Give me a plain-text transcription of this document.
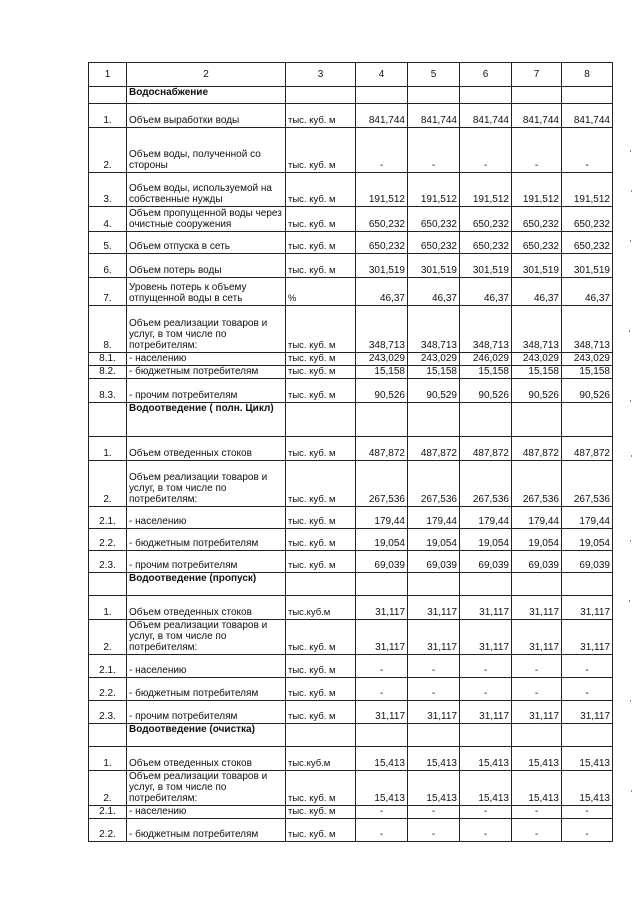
1	2	3	4	5	6	7	8
	Водоснабжение						
1.	Объем выработки воды	тыс. куб. м	841,744	841,744	841,744	841,744	841,744
2.	Объем воды, полученной со стороны	тыс. куб. м	-	-	-	-	-
3.	Объем воды, используемой на собственные нужды	тыс. куб. м	191,512	191,512	191,512	191,512	191,512
4.	Объем пропущенной воды через очистные сооружения	тыс. куб. м	650,232	650,232	650,232	650,232	650,232
5.	Объем отпуска в сеть	тыс. куб. м	650,232	650,232	650,232	650,232	650,232
6.	Объем потерь воды	тыс. куб. м	301,519	301,519	301,519	301,519	301,519
7.	Уровень потерь к объему отпущенной воды в сеть	%	46,37	46,37	46,37	46,37	46,37
8.	Объем реализации товаров и услуг, в том числе по потребителям:	тыс. куб. м	348,713	348,713	348,713	348,713	348,713
8.1.	- населению	тыс. куб. м	243,029	243,029	246,029	243,029	243,029
8.2.	- бюджетным потребителям	тыс. куб. м	15,158	15,158	15,158	15,158	15,158
8.3.	- прочим потребителям	тыс. куб. м	90,526	90,529	90,526	90,526	90,526
	Водоотведение ( полн. Цикл)						
1.	Объем отведенных стоков	тыс. куб. м	487,872	487,872	487,872	487,872	487,872
2.	Объем реализации товаров и услуг, в том числе по потребителям:	тыс. куб. м	267,536	267,536	267,536	267,536	267,536
2.1.	- населению	тыс. куб. м	179,44	179,44	179,44	179,44	179,44
2.2.	- бюджетным потребителям	тыс. куб. м	19,054	19,054	19,054	19,054	19,054
2.3.	- прочим потребителям	тыс. куб. м	69,039	69,039	69,039	69,039	69,039
	Водоотведение (пропуск)						
1.	Объем отведенных стоков	тыс.куб.м	31,117	31,117	31,117	31,117	31,117
2.	Объем реализации товаров и услуг, в том числе по потребителям:	тыс. куб. м	31,117	31,117	31,117	31,117	31,117
2.1.	- населению	тыс. куб. м	-	-	-	-	-
2.2.	- бюджетным потребителям	тыс. куб. м	-	-	-	-	-
2.3.	- прочим потребителям	тыс. куб. м	31,117	31,117	31,117	31,117	31,117
	Водоотведение (очистка)						
1.	Объем отведенных стоков	тыс.куб.м	15,413	15,413	15,413	15,413	15,413
2.	Объем реализации товаров и услуг, в том числе по потребителям:	тыс. куб. м	15,413	15,413	15,413	15,413	15,413
2.1.	- населению	тыс. куб. м	-	-	-	-	-
2.2.	- бюджетным потребителям	тыс. куб. м	-	-	-	-	-
